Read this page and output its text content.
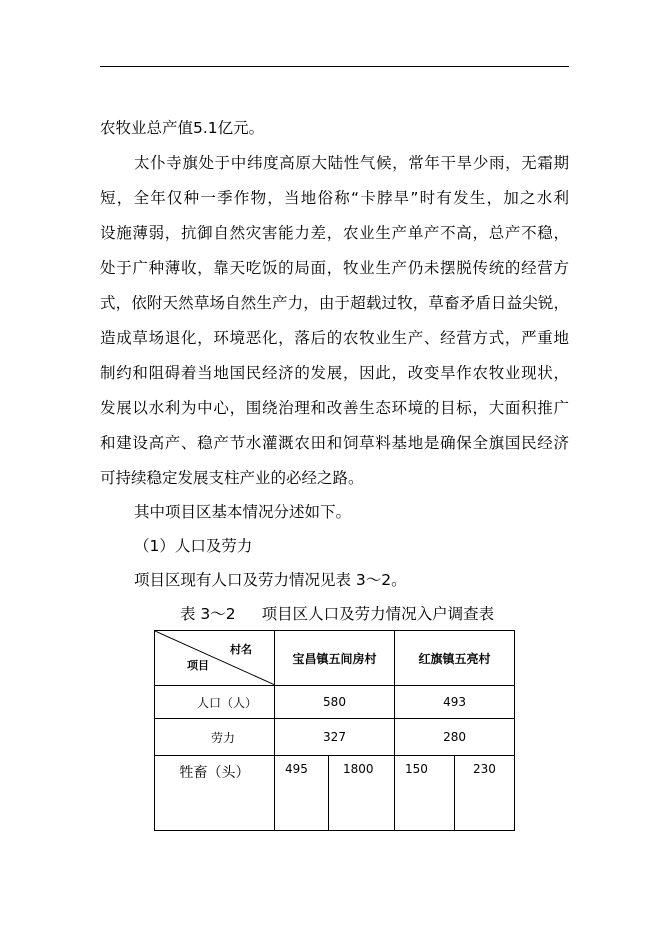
农牧业总产值5.1亿元。
太仆寺旗处于中纬度高原大陆性气候，常年干旱少雨，无霜期
短，全年仅种一季作物，当地俗称“卡脖旱”时有发生，加之水利
设施薄弱，抗御自然灾害能力差，农业生产单产不高，总产不稳，
处于广种薄收，靠天吃饭的局面，牧业生产仍未摆脱传统的经营方
式，依附天然草场自然生产力，由于超载过牧，草畜矛盾日益尖锐，
造成草场退化，环境恶化，落后的农牧业生产、经营方式，严重地
制约和阻碍着当地国民经济的发展，因此，改变旱作农牧业现状，
发展以水利为中心，围绕治理和改善生态环境的目标，大面积推广
和建设高产、稳产节水灌溉农田和饲草料基地是确保全旗国民经济
可持续稳定发展支柱产业的必经之路。
其中项目区基本情况分述如下。
（1）人口及劳力
项目区现有人口及劳力情况见表 3～2。
表 3～2 项目区人口及劳力情况入户调查表
村名
项目	宝昌镇五间房村		红旗镇五亮村	
人口（人）	580		493	
劳力	327		280	
牲畜（头）	495	1800	150	230
